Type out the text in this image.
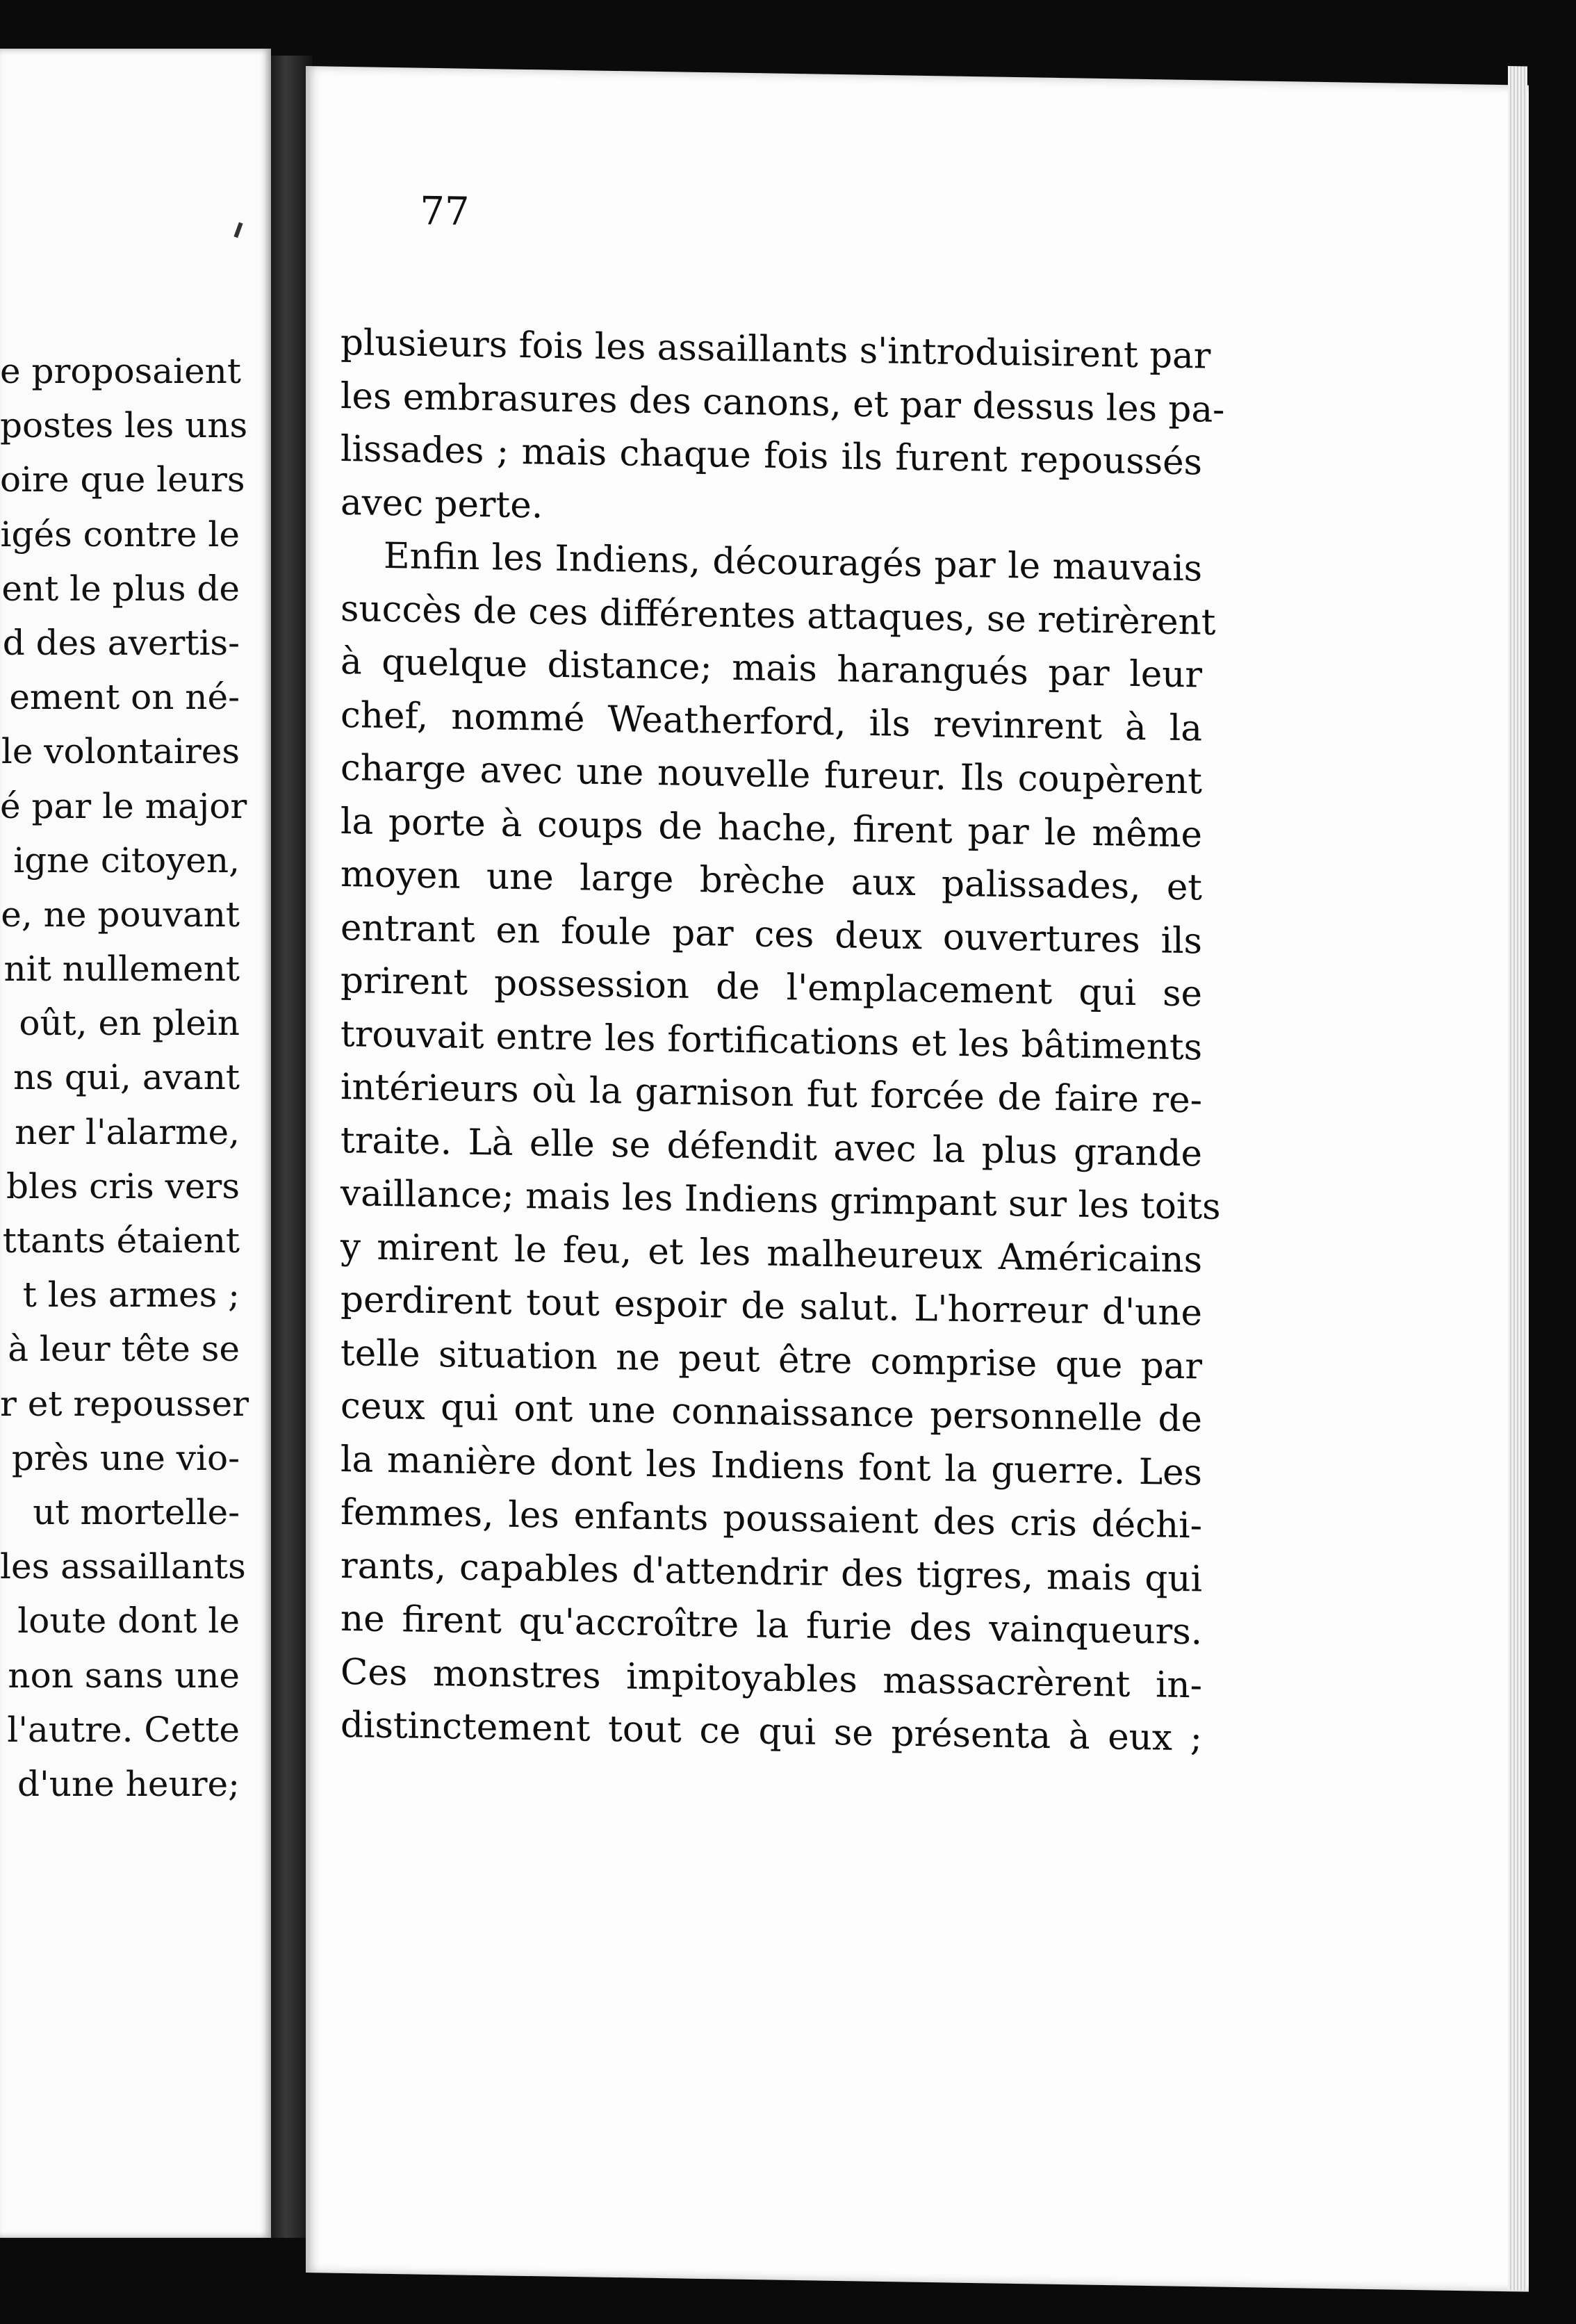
e proposaient
postes les uns
oire que leurs
igés contre le
ent le plus de
d des avertis-
ement on né-
le volontaires
é par le major
igne citoyen,
e, ne pouvant
nit nullement
oût, en plein
ns qui, avant
ner l'alarme,
bles cris vers
ttants étaient
t les armes ;
à leur tête se
r et repousser
près une vio-
ut mortelle-
les assaillants
loute dont le
non sans une
l'autre. Cette
d'une heure;
77
plusieurs fois les assaillants s'introduisirent par
les embrasures des canons, et par dessus les pa-
lissades ; mais chaque fois ils furent repoussés
avec perte.
Enfin les Indiens, découragés par le mauvais
succès de ces différentes attaques, se retirèrent
à quelque distance; mais harangués par leur
chef, nommé Weatherford, ils revinrent à la
charge avec une nouvelle fureur. Ils coupèrent
la porte à coups de hache, firent par le même
moyen une large brèche aux palissades, et
entrant en foule par ces deux ouvertures ils
prirent possession de l'emplacement qui se
trouvait entre les fortifications et les bâtiments
intérieurs où la garnison fut forcée de faire re-
traite. Là elle se défendit avec la plus grande
vaillance; mais les Indiens grimpant sur les toits
y mirent le feu, et les malheureux Américains
perdirent tout espoir de salut. L'horreur d'une
telle situation ne peut être comprise que par
ceux qui ont une connaissance personnelle de
la manière dont les Indiens font la guerre. Les
femmes, les enfants poussaient des cris déchi-
rants, capables d'attendrir des tigres, mais qui
ne firent qu'accroître la furie des vainqueurs.
Ces monstres impitoyables massacrèrent in-
distinctement tout ce qui se présenta à eux ;
